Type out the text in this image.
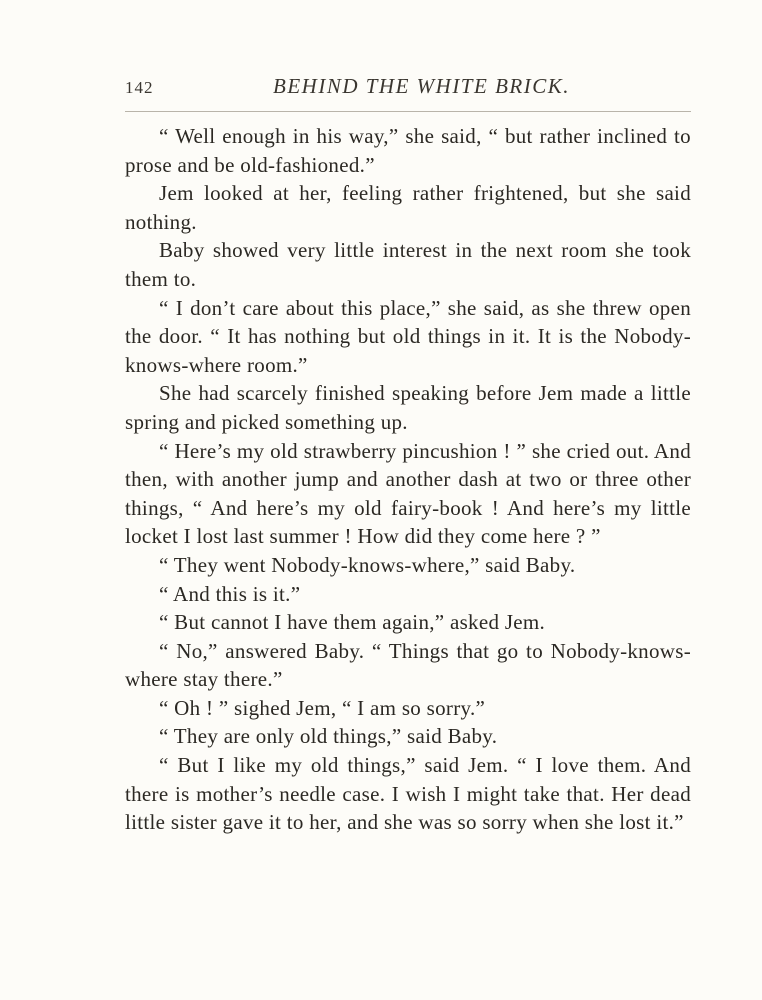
142	BEHIND THE WHITE BRICK.

“ Well enough in his way,” she said, “ but rather inclined to prose and be old-fashioned.”

Jem looked at her, feeling rather frightened, but she said nothing.

Baby showed very little interest in the next room she took them to.

“ I don’t care about this place,” she said, as she threw open the door. “ It has nothing but old things in it. It is the Nobody-knows-where room.”

She had scarcely finished speaking before Jem made a little spring and picked something up.

“ Here’s my old strawberry pincushion ! ” she cried out. And then, with another jump and another dash at two or three other things, “ And here’s my old fairy-book ! And here’s my little locket I lost last summer ! How did they come here ? ”

“ They went Nobody-knows-where,” said Baby.

“ And this is it.”

“ But cannot I have them again,” asked Jem.

“ No,” answered Baby. “ Things that go to Nobody-knows-where stay there.”

“ Oh ! ” sighed Jem, “ I am so sorry.”

“ They are only old things,” said Baby.

“ But I like my old things,” said Jem. “ I love them. And there is mother’s needle case. I wish I might take that. Her dead little sister gave it to her, and she was so sorry when she lost it.”
